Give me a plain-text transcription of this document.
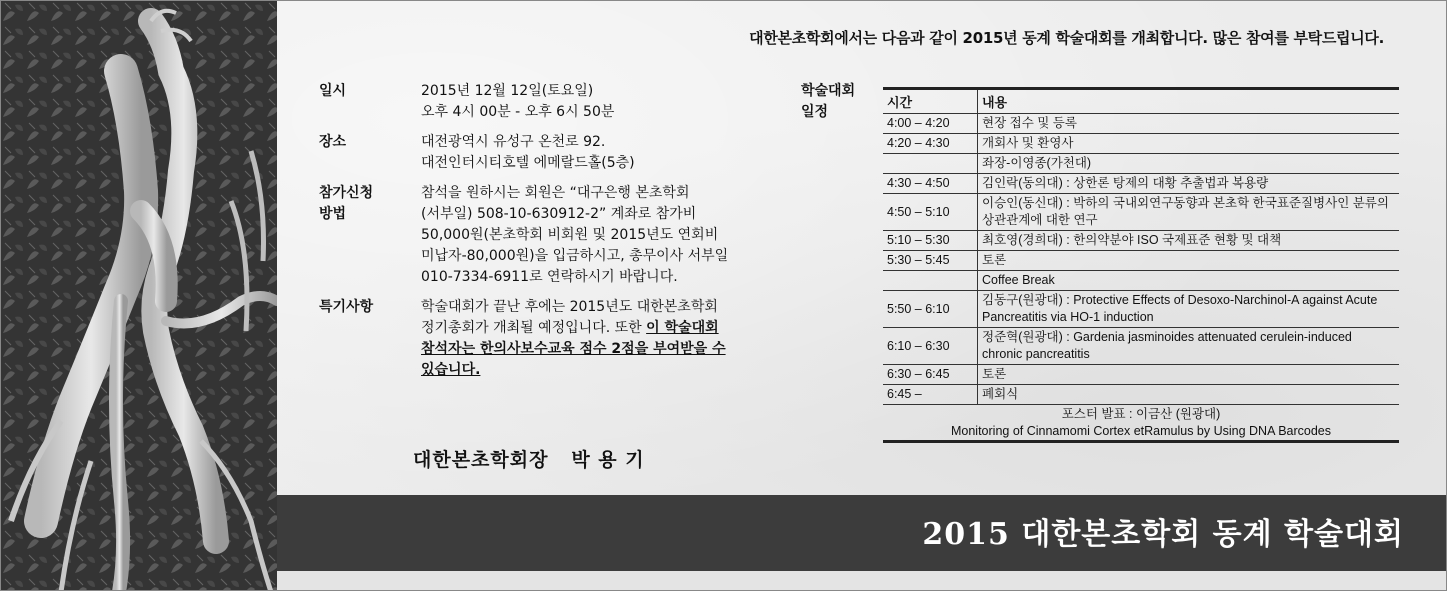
대한본초학회에서는 다음과 같이 2015년 동계 학술대회를 개최합니다. 많은 참여를 부탁드립니다.
일시	2015년 12월 12일(토요일)
오후 4시 00분 - 오후 6시 50분
장소	대전광역시 유성구 온천로 92.
대전인터시티호텔 에메랄드홀(5층)
참가신청
방법
참석을 원하시는 회원은 “대구은행 본초학회
(서부일) 508-10-630912-2” 계좌로 참가비
50,000원(본초학회 비회원 및 2015년도 연회비
미납자-80,000원)을 입금하시고, 총무이사 서부일
010-7334-6911로 연락하시기 바랍니다.
특기사항	학술대회가 끝난 후에는 2015년도 대한본초학회
정기총회가 개최될 예정입니다. 또한 이 학술대회
참석자는 한의사보수교육 점수 2점을 부여받을 수
있습니다.
대한본초학회장   박 용 기
학술대회
일정
시간	내용
4:00 – 4:20	현장 접수 및 등록
4:20 – 4:30	개회사 및 환영사
	좌장-이영종(가천대)
4:30 – 4:50	김인락(동의대) : 상한론 탕제의 대황 추출법과 복용량
4:50 – 5:10	이승인(동신대) : 박하의 국내외연구동향과 본초학 한국표준질병사인 분류의 상관관계에 대한 연구
5:10 – 5:30	최호영(경희대) : 한의약분야 ISO 국제표준 현황 및 대책
5:30 – 5:45	토론
	Coffee Break
5:50 – 6:10	김동구(원광대) : Protective Effects of Desoxo-Narchinol-A against Acute Pancreatitis via HO-1 induction
6:10 – 6:30	정준혁(원광대) : Gardenia jasminoides attenuated cerulein-induced chronic pancreatitis
6:30 – 6:45	토론
6:45 –	폐회식
포스터 발표 : 이금산 (원광대)
Monitoring of Cinnamomi Cortex etRamulus by Using DNA Barcodes
2015 대한본초학회 동계 학술대회
